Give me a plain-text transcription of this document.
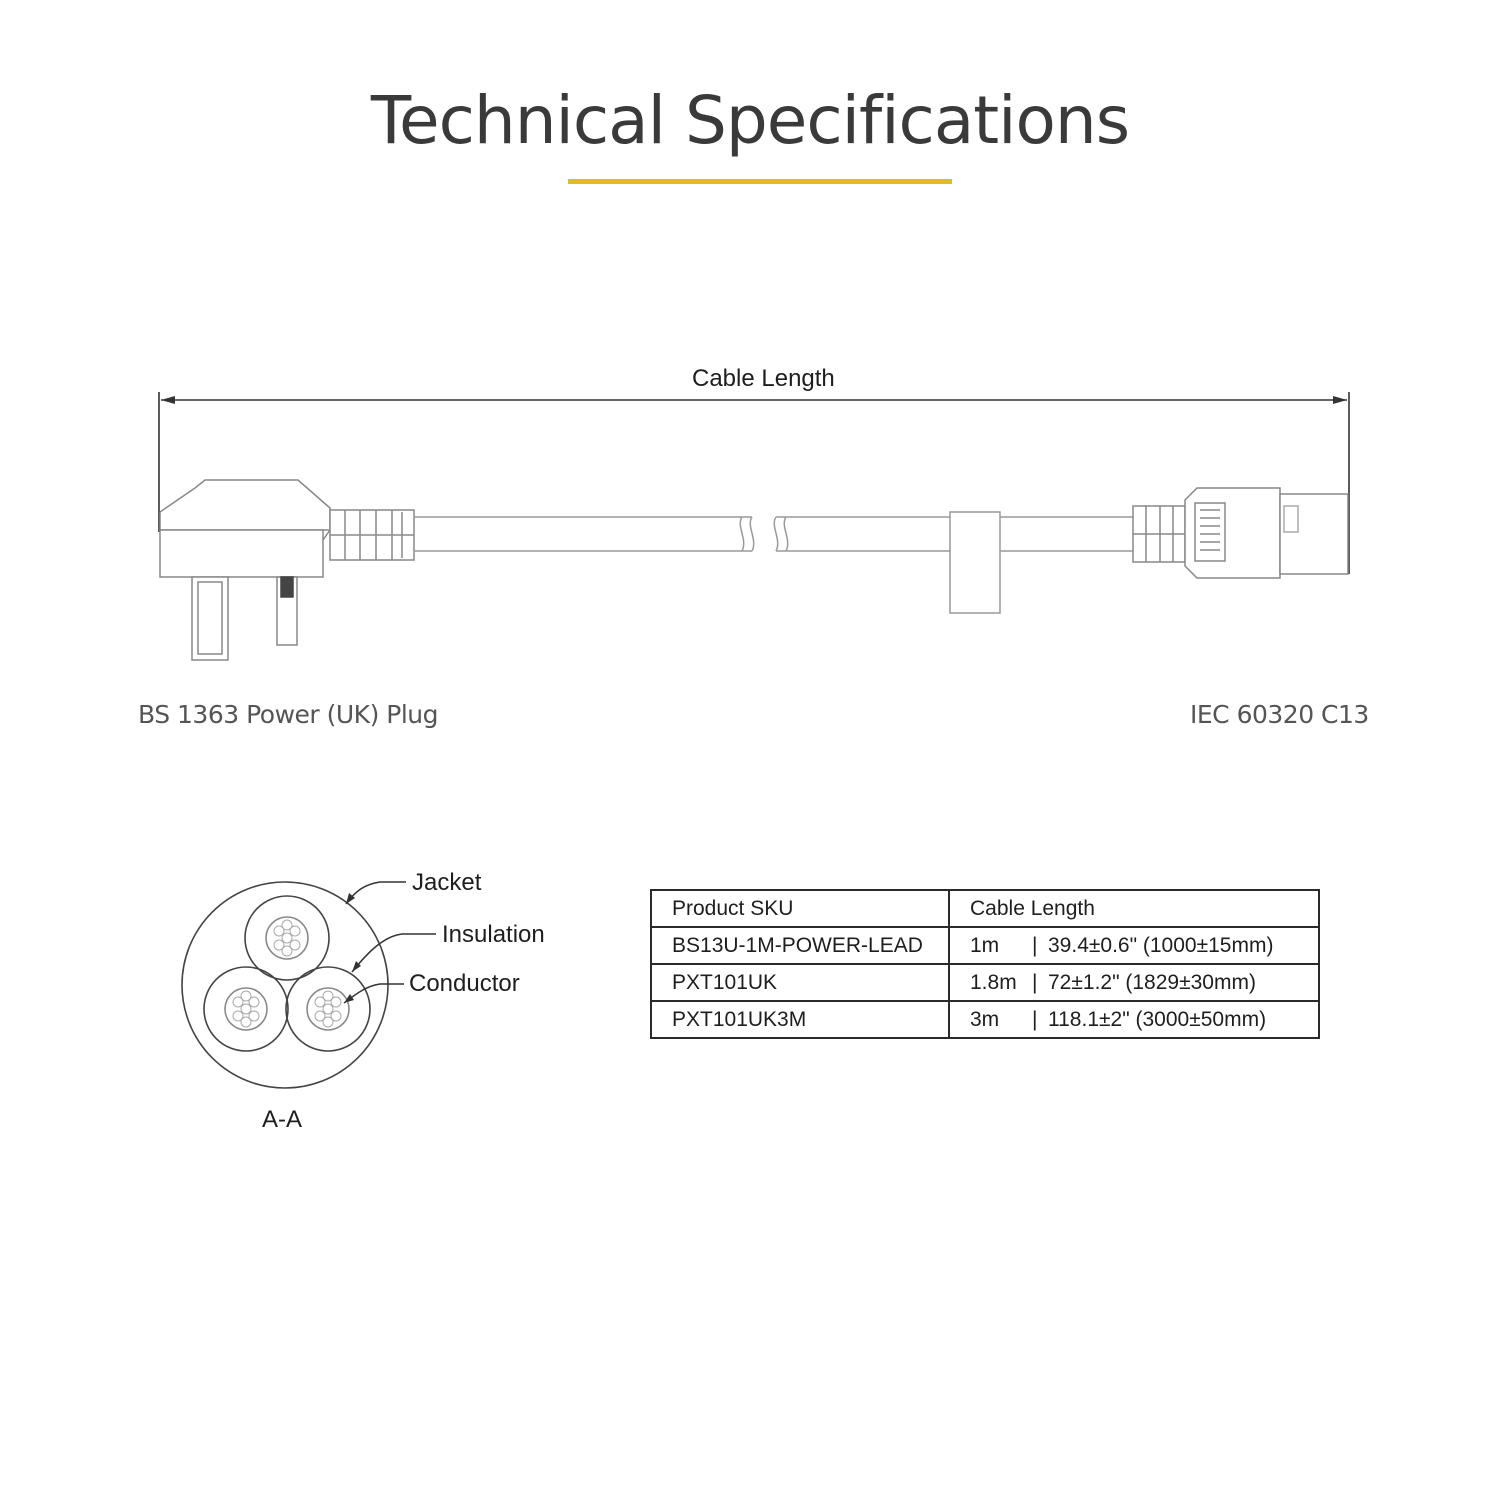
Technical Specifications
Cable Length
BS 1363 Power (UK) Plug	IEC 60320 C13
Jacket
Insulation
Conductor
A-A
Product SKU	Cable Length
BS13U-1M-POWER-LEAD	1m | 39.4±0.6" (1000±15mm)
PXT101UK	1.8m | 72±1.2" (1829±30mm)
PXT101UK3M	3m | 118.1±2" (3000±50mm)
